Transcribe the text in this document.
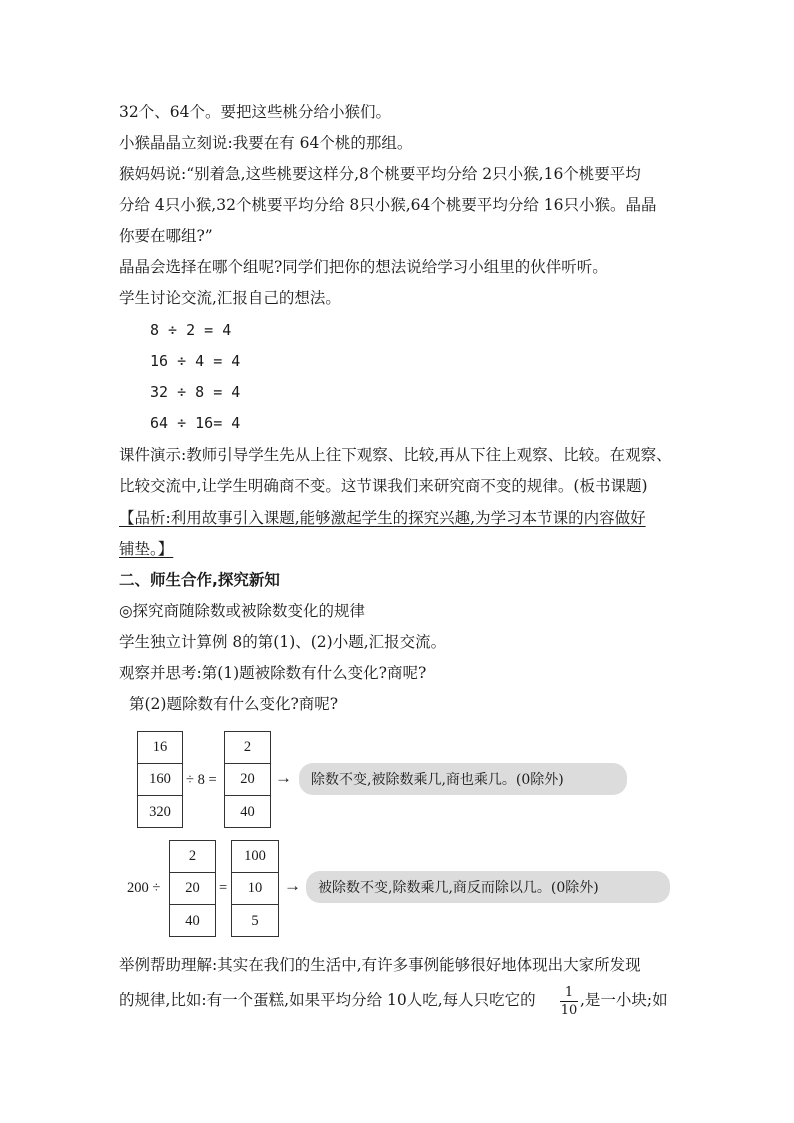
32个、64个。要把这些桃分给小猴们。
小猴晶晶立刻说:我要在有 64个桃的那组。
猴妈妈说:“别着急,这些桃要这样分,8个桃要平均分给 2只小猴,16个桃要平均
分给 4只小猴,32个桃要平均分给 8只小猴,64个桃要平均分给 16只小猴。晶晶
你要在哪组?”
晶晶会选择在哪个组呢?同学们把你的想法说给学习小组里的伙伴听听。
学生讨论交流,汇报自己的想法。
8 ÷ 2 = 4
16 ÷ 4 = 4
32 ÷ 8 = 4
64 ÷ 16= 4
课件演示:教师引导学生先从上往下观察、比较,再从下往上观察、比较。在观察、
比较交流中,让学生明确商不变。这节课我们来研究商不变的规律。(板书课题)
【品析:利用故事引入课题,能够激起学生的探究兴趣,为学习本节课的内容做好
铺垫。】
二、师生合作,探究新知
◎探究商随除数或被除数变化的规律
学生独立计算例 8的第(1)、(2)小题,汇报交流。
观察并思考:第(1)题被除数有什么变化?商呢?
第(2)题除数有什么变化?商呢?
16
160
320
÷ 8 =
2
20
40
→	除数不变,被除数乘几,商也乘几。(0除外)
200 ÷
2
20
40
=
100
10
5
→	被除数不变,除数乘几,商反而除以几。(0除外)
举例帮助理解:其实在我们的生活中,有许多事例能够很好地体现出大家所发现
的规律,比如:有一个蛋糕,如果平均分给 10人吃,每人只吃它的	1
10
,是一小块;如
